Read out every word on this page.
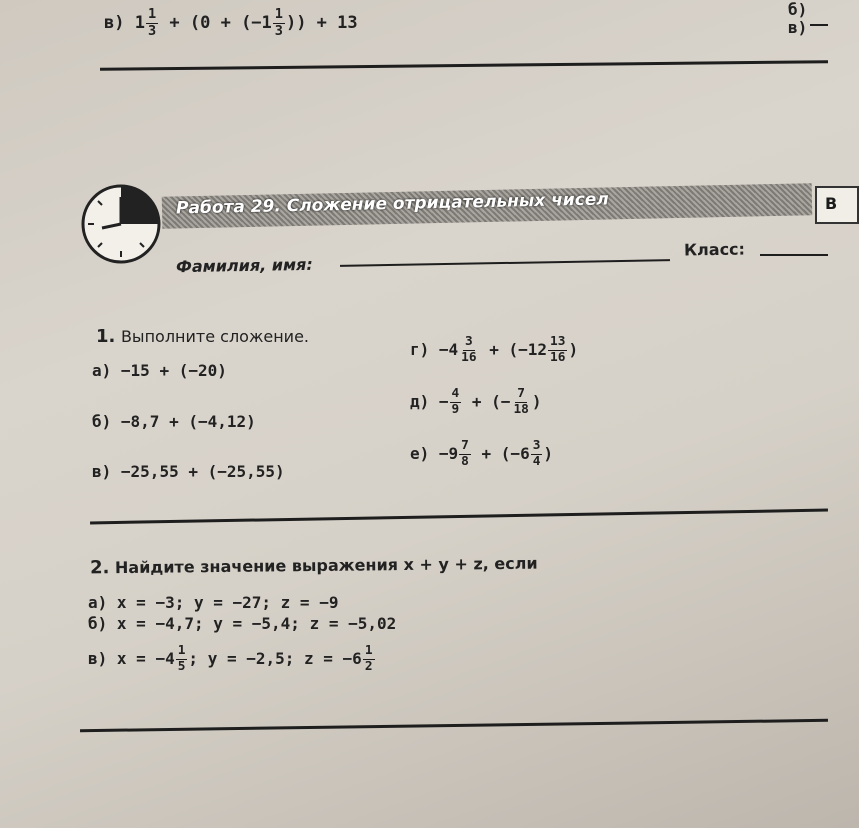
в) $1 \frac{1}{3} + (0 + (-1 \frac{1}{3}$ )) + 13
б)
в)
Работа 29. Сложение отрицательных чисел	В
Фамилия, имя:
Класс:
1. Выполните сложение.
а) −15 + (−20)
б) −8,7 + (−4,12)
в) −25,55 + (−25,55)
$г) -4 \frac{3}{16} + (-12 \frac{13}{16}$ )
$д) - \frac{4}{9}$ + (− $\frac{7}{18}$ )
$е) -9 \frac{7}{8} + (-6 \frac{3}{4}$ )
2. Найдите значение выражения x + y + z, если
а) x = −3; y = −27; z = −9
б) x = −4,7; y = −5,4; z = −5,02
в) $x = -4 \frac{1}{5}$ ; y = −2,5; $z = -6 \frac{1}{2}$
